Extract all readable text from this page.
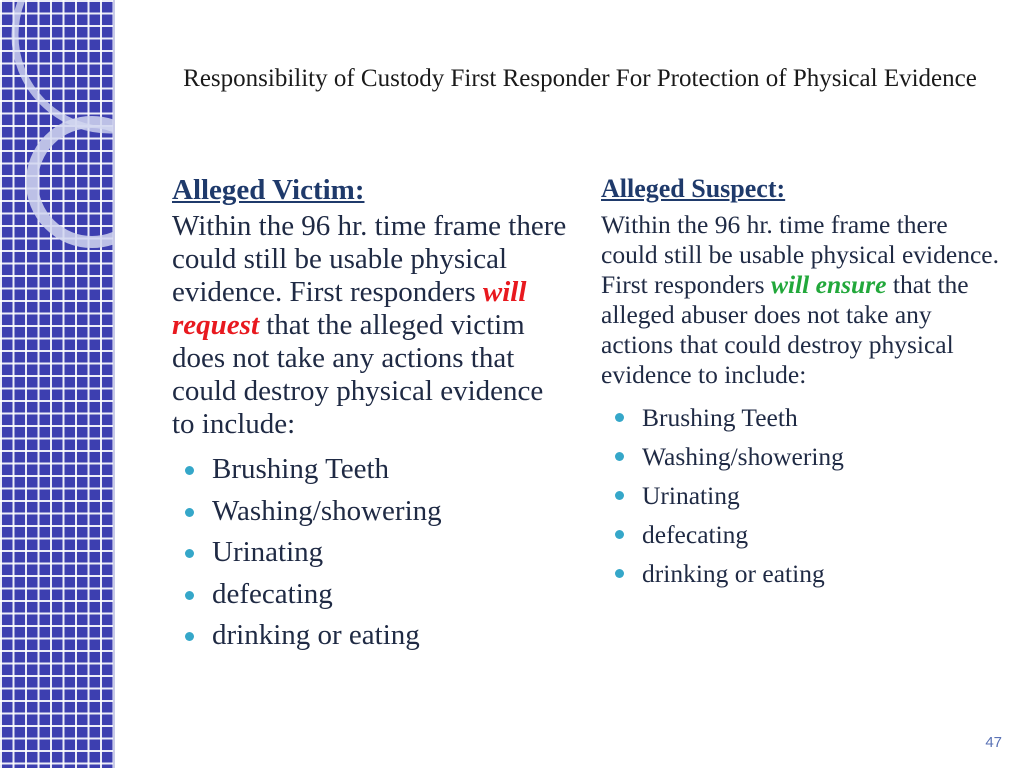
Responsibility of Custody First Responder For Protection of Physical Evidence
Alleged Victim:

Within the 96 hr. time frame there could still be usable physical evidence. First responders will request that the alleged victim does not take any actions that could destroy physical evidence to include:

Brushing Teeth
Washing/showering
Urinating
defecating
drinking or eating
Alleged Suspect:

Within the 96 hr. time frame there could still be usable physical evidence. First responders will ensure that the alleged abuser does not take any actions that could destroy physical evidence to include:

Brushing Teeth
Washing/showering
Urinating
defecating
drinking or eating
47
